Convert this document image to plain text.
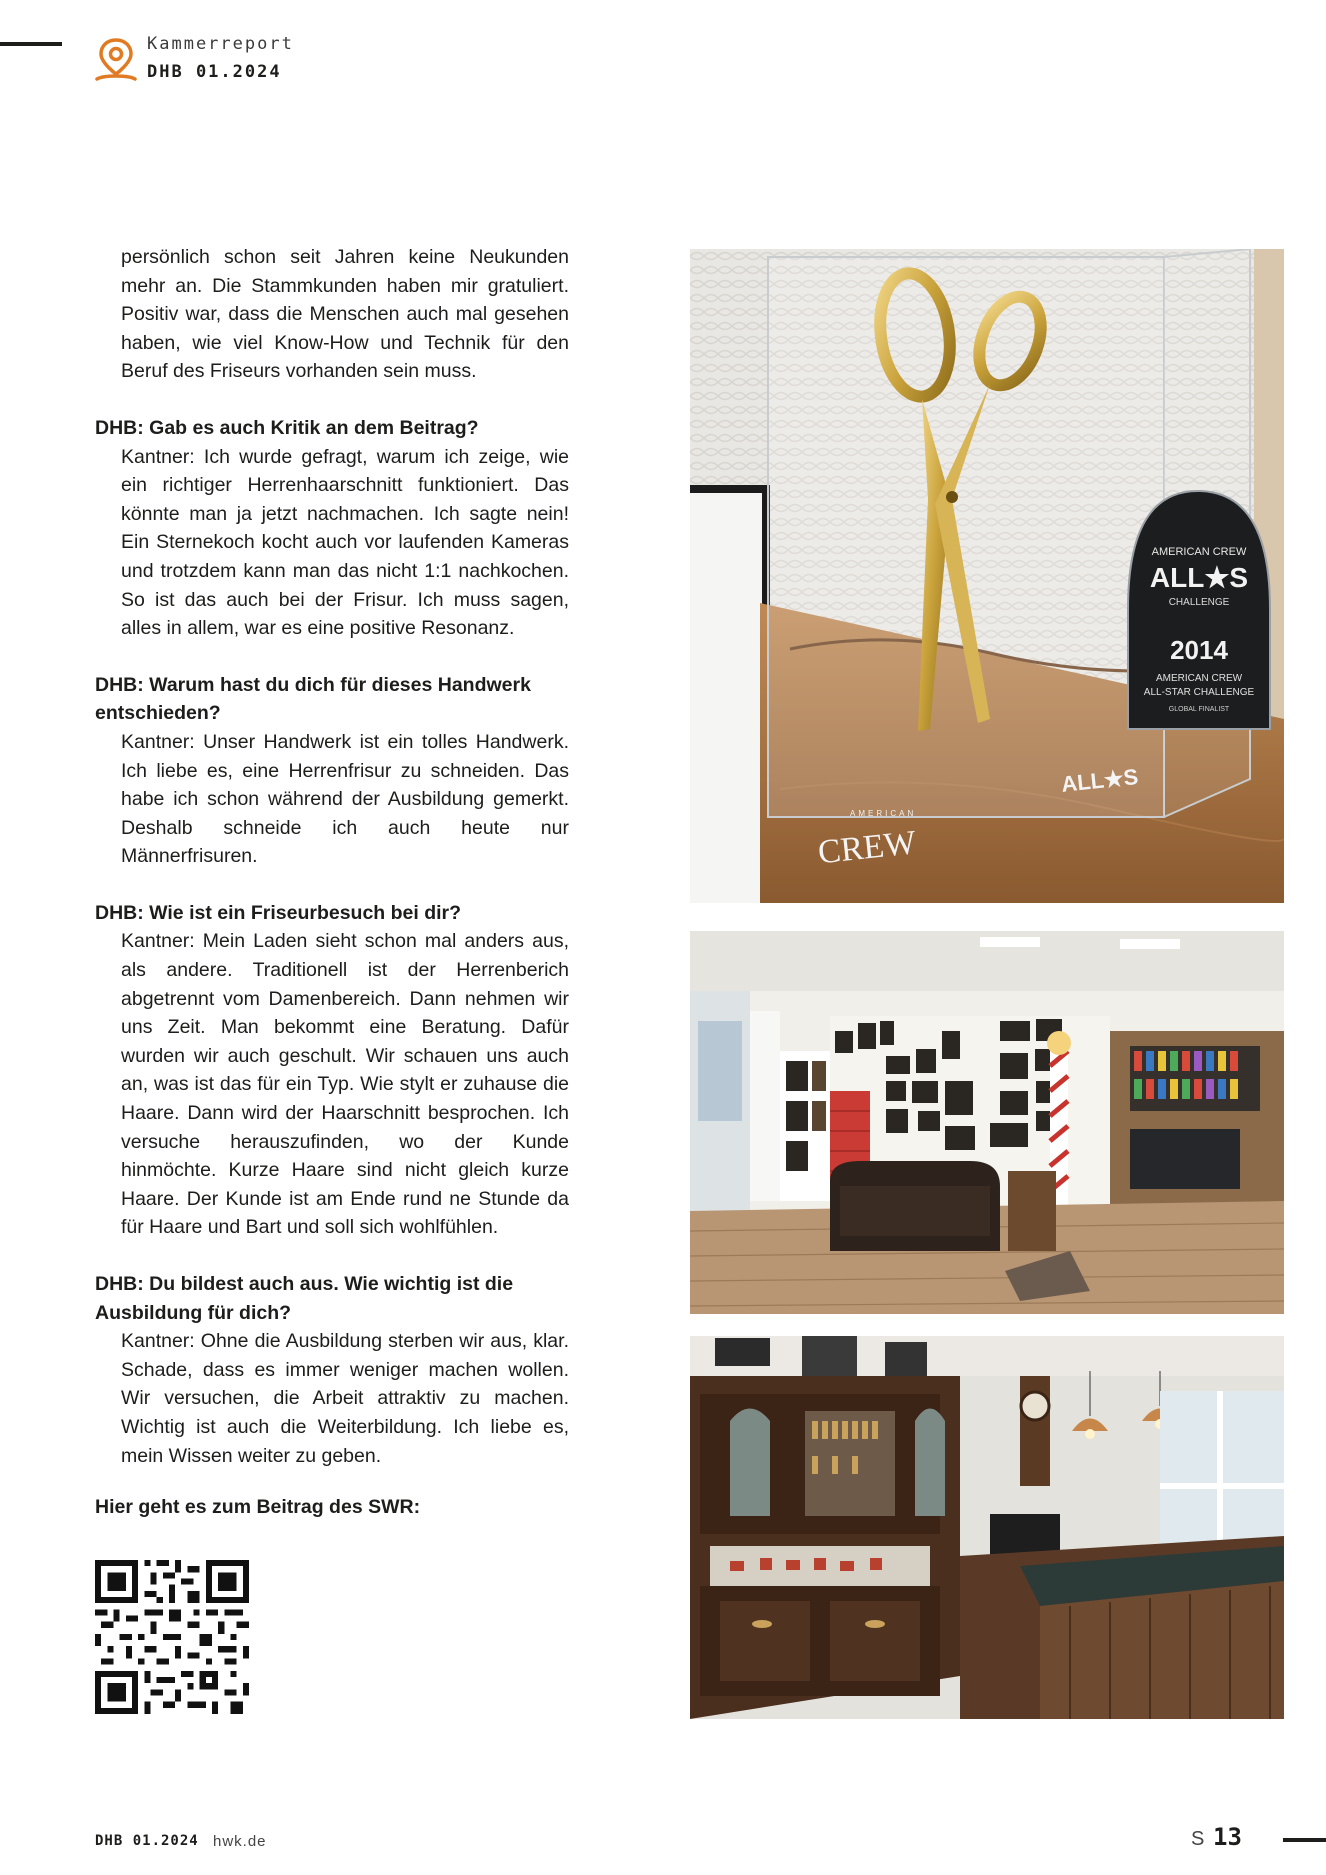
Kammerreport
DHB 01.2024

persönlich schon seit Jahren keine Neukunden mehr an. Die Stammkunden haben mir gratuliert. Positiv war, dass die Menschen auch mal gesehen haben, wie viel Know-How und Technik für den Beruf des Friseurs vorhanden sein muss.

DHB: Gab es auch Kritik an dem Beitrag?

Kantner: Ich wurde gefragt, warum ich zeige, wie ein richtiger Herrenhaarschnitt funktioniert. Das könnte man ja jetzt nachmachen. Ich sagte nein! Ein Sternekoch kocht auch vor laufenden Kameras und trotzdem kann man das nicht 1:1 nachkochen. So ist das auch bei der Frisur. Ich muss sagen, alles in allem, war es eine positive Resonanz.

DHB: Warum hast du dich für dieses Handwerk entschieden?

Kantner: Unser Handwerk ist ein tolles Handwerk. Ich liebe es, eine Herrenfrisur zu schneiden. Das habe ich schon während der Ausbildung gemerkt. Deshalb schneide ich auch heute nur Männerfrisuren.

DHB: Wie ist ein Friseurbesuch bei dir?

Kantner: Mein Laden sieht schon mal anders aus, als andere. Traditionell ist der Herrenberich abgetrennt vom Damenbereich. Dann nehmen wir uns Zeit. Man bekommt eine Beratung. Dafür wurden wir auch geschult. Wir schauen uns auch an, was ist das für ein Typ. Wie stylt er zuhause die Haare. Dann wird der Haarschnitt besprochen. Ich versuche herauszufinden, wo der Kunde hinmöchte. Kurze Haare sind nicht gleich kurze Haare. Der Kunde ist am Ende rund ne Stunde da für Haare und Bart und soll sich wohlfühlen.

DHB: Du bildest auch aus. Wie wichtig ist die Ausbildung für dich?

Kantner: Ohne die Ausbildung sterben wir aus, klar. Schade, dass es immer weniger machen wollen. Wir versuchen, die Arbeit attraktiv zu machen. Wichtig ist auch die Weiterbildung. Ich liebe es, mein Wissen weiter zu geben.

Hier geht es zum Beitrag des SWR:
AMERICAN CREW
ALL★S
CHALLENGE
2014
AMERICAN CREW
ALL-STAR CHALLENGE
GLOBAL FINALIST
AMERICAN
CREW
ALL★S
DHB 01.2024 hwk.de	S 13
